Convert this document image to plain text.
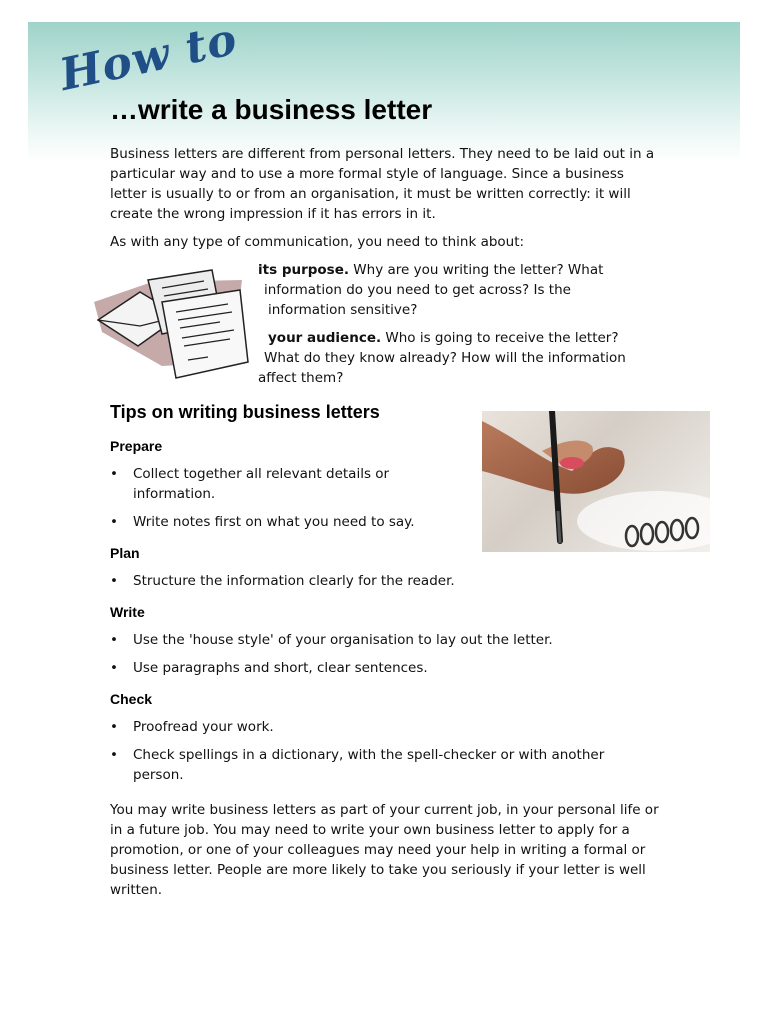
How to
…write a business letter
Business letters are different from personal letters. They need to be laid out in a particular way and to use a more formal style of language. Since a business letter is usually to or from an organisation, it must be written correctly: it will create the wrong impression if it has errors in it.
As with any type of communication, you need to think about:
its purpose. Why are you writing the letter? What
information do you need to get across? Is the
information sensitive?
your audience. Who is going to receive the letter?
What do they know already? How will the information
affect them?
Tips on writing business letters
Prepare
• Collect together all relevant details or information.
• Write notes first on what you need to say.
Plan
• Structure the information clearly for the reader.
Write
• Use the 'house style' of your organisation to lay out the letter.
• Use paragraphs and short, clear sentences.
Check
• Proofread your work.
• Check spellings in a dictionary, with the spell-checker or with another person.
You may write business letters as part of your current job, in your personal life or in a future job. You may need to write your own business letter to apply for a promotion, or one of your colleagues may need your help in writing a formal or business letter. People are more likely to take you seriously if your letter is well written.
